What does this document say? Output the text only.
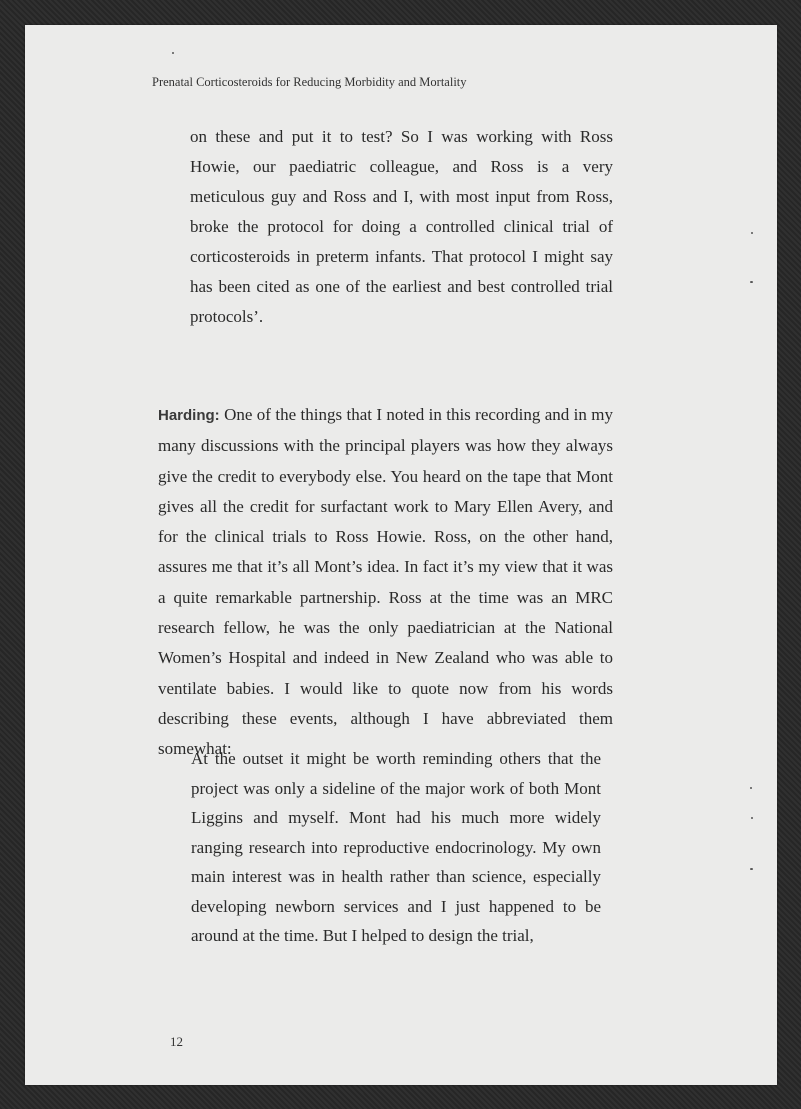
Prenatal Corticosteroids for Reducing Morbidity and Mortality

on these and put it to test? So I was working with Ross Howie, our paediatric colleague, and Ross is a very meticulous guy and Ross and I, with most input from Ross, broke the protocol for doing a controlled clinical trial of corticosteroids in preterm infants. That protocol I might say has been cited as one of the earliest and best controlled trial protocols’.

Harding: One of the things that I noted in this recording and in my many discussions with the principal players was how they always give the credit to everybody else. You heard on the tape that Mont gives all the credit for surfactant work to Mary Ellen Avery, and for the clinical trials to Ross Howie. Ross, on the other hand, assures me that it’s all Mont’s idea. In fact it’s my view that it was a quite remarkable partnership. Ross at the time was an MRC research fellow, he was the only paediatrician at the National Women’s Hospital and indeed in New Zealand who was able to ventilate babies. I would like to quote now from his words describing these events, although I have abbreviated them somewhat:

At the outset it might be worth reminding others that the project was only a sideline of the major work of both Mont Liggins and myself. Mont had his much more widely ranging research into reproductive endocrinology. My own main interest was in health rather than science, especially developing newborn services and I just happened to be around at the time. But I helped to design the trial,

12
